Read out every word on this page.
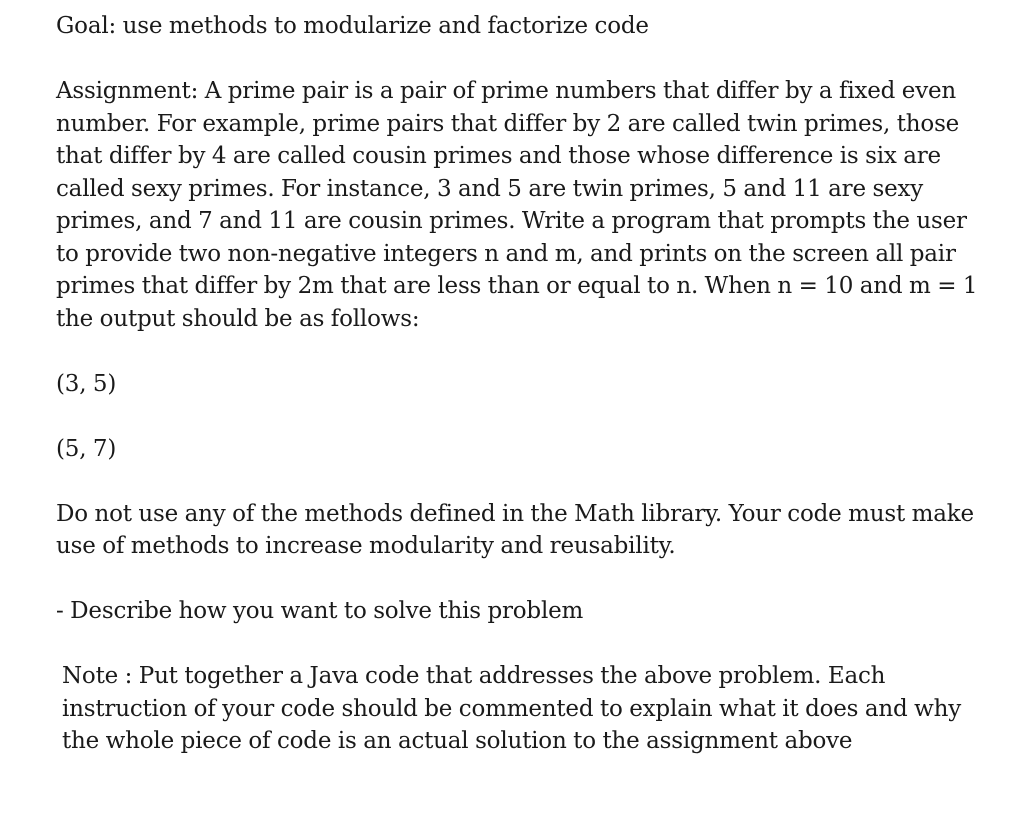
Goal: use methods to modularize and factorize code

Assignment: A prime pair is a pair of prime numbers that differ by a fixed even number. For example, prime pairs that differ by 2 are called twin primes, those that differ by 4 are called cousin primes and those whose difference is six are called sexy primes. For instance, 3 and 5 are twin primes, 5 and 11 are sexy primes, and 7 and 11 are cousin primes. Write a program that prompts the user to provide two non-negative integers n and m, and prints on the screen all pair primes that differ by 2m that are less than or equal to n. When n = 10 and m = 1 the output should be as follows:

(3, 5)

(5, 7)

Do not use any of the methods defined in the Math library. Your code must make use of methods to increase modularity and reusability.

- Describe how you want to solve this problem

Note : Put together a Java code that addresses the above problem. Each instruction of your code should be commented to explain what it does and why the whole piece of code is an actual solution to the assignment above
